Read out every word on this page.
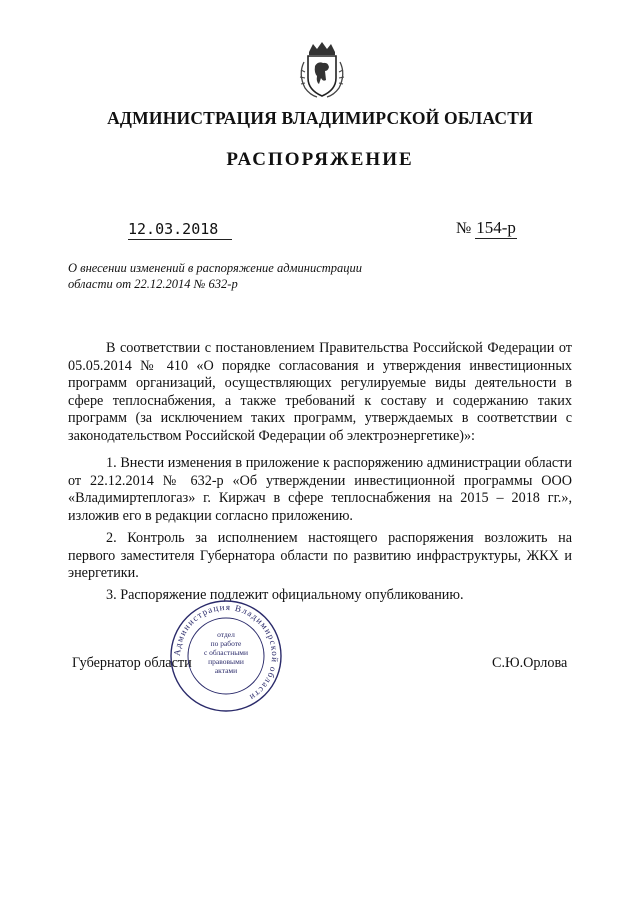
АДМИНИСТРАЦИЯ ВЛАДИМИРСКОЙ ОБЛАСТИ
РАСПОРЯЖЕНИЕ
12.03.2018	№ 154-р
О внесении изменений в распоряжение администрации
области от 22.12.2014 № 632-р
В соответствии с постановлением Правительства Российской Федерации от 05.05.2014 № 410 «О порядке согласования и утверждения инвестиционных программ организаций, осуществляющих регулируемые виды деятельности в сфере теплоснабжения, а также требований к составу и содержанию таких программ (за исключением таких программ, утверждаемых в соответствии с законодательством Российской Федерации об электроэнергетике)»:
1. Внести изменения в приложение к распоряжению администрации области от 22.12.2014 № 632-р «Об утверждении инвестиционной программы ООО «Владимиртеплогаз» г. Киржач в сфере теплоснабжения на 2015 – 2018 гг.», изложив его в редакции согласно приложению.
2. Контроль за исполнением настоящего распоряжения возложить на первого заместителя Губернатора области по развитию инфраструктуры, ЖКХ и энергетики.
3. Распоряжение подлежит официальному опубликованию.
Губернатор области	С.Ю.Орлова
Администрация Владимирской области
отдел
по работе
с областными
правовыми
актами
